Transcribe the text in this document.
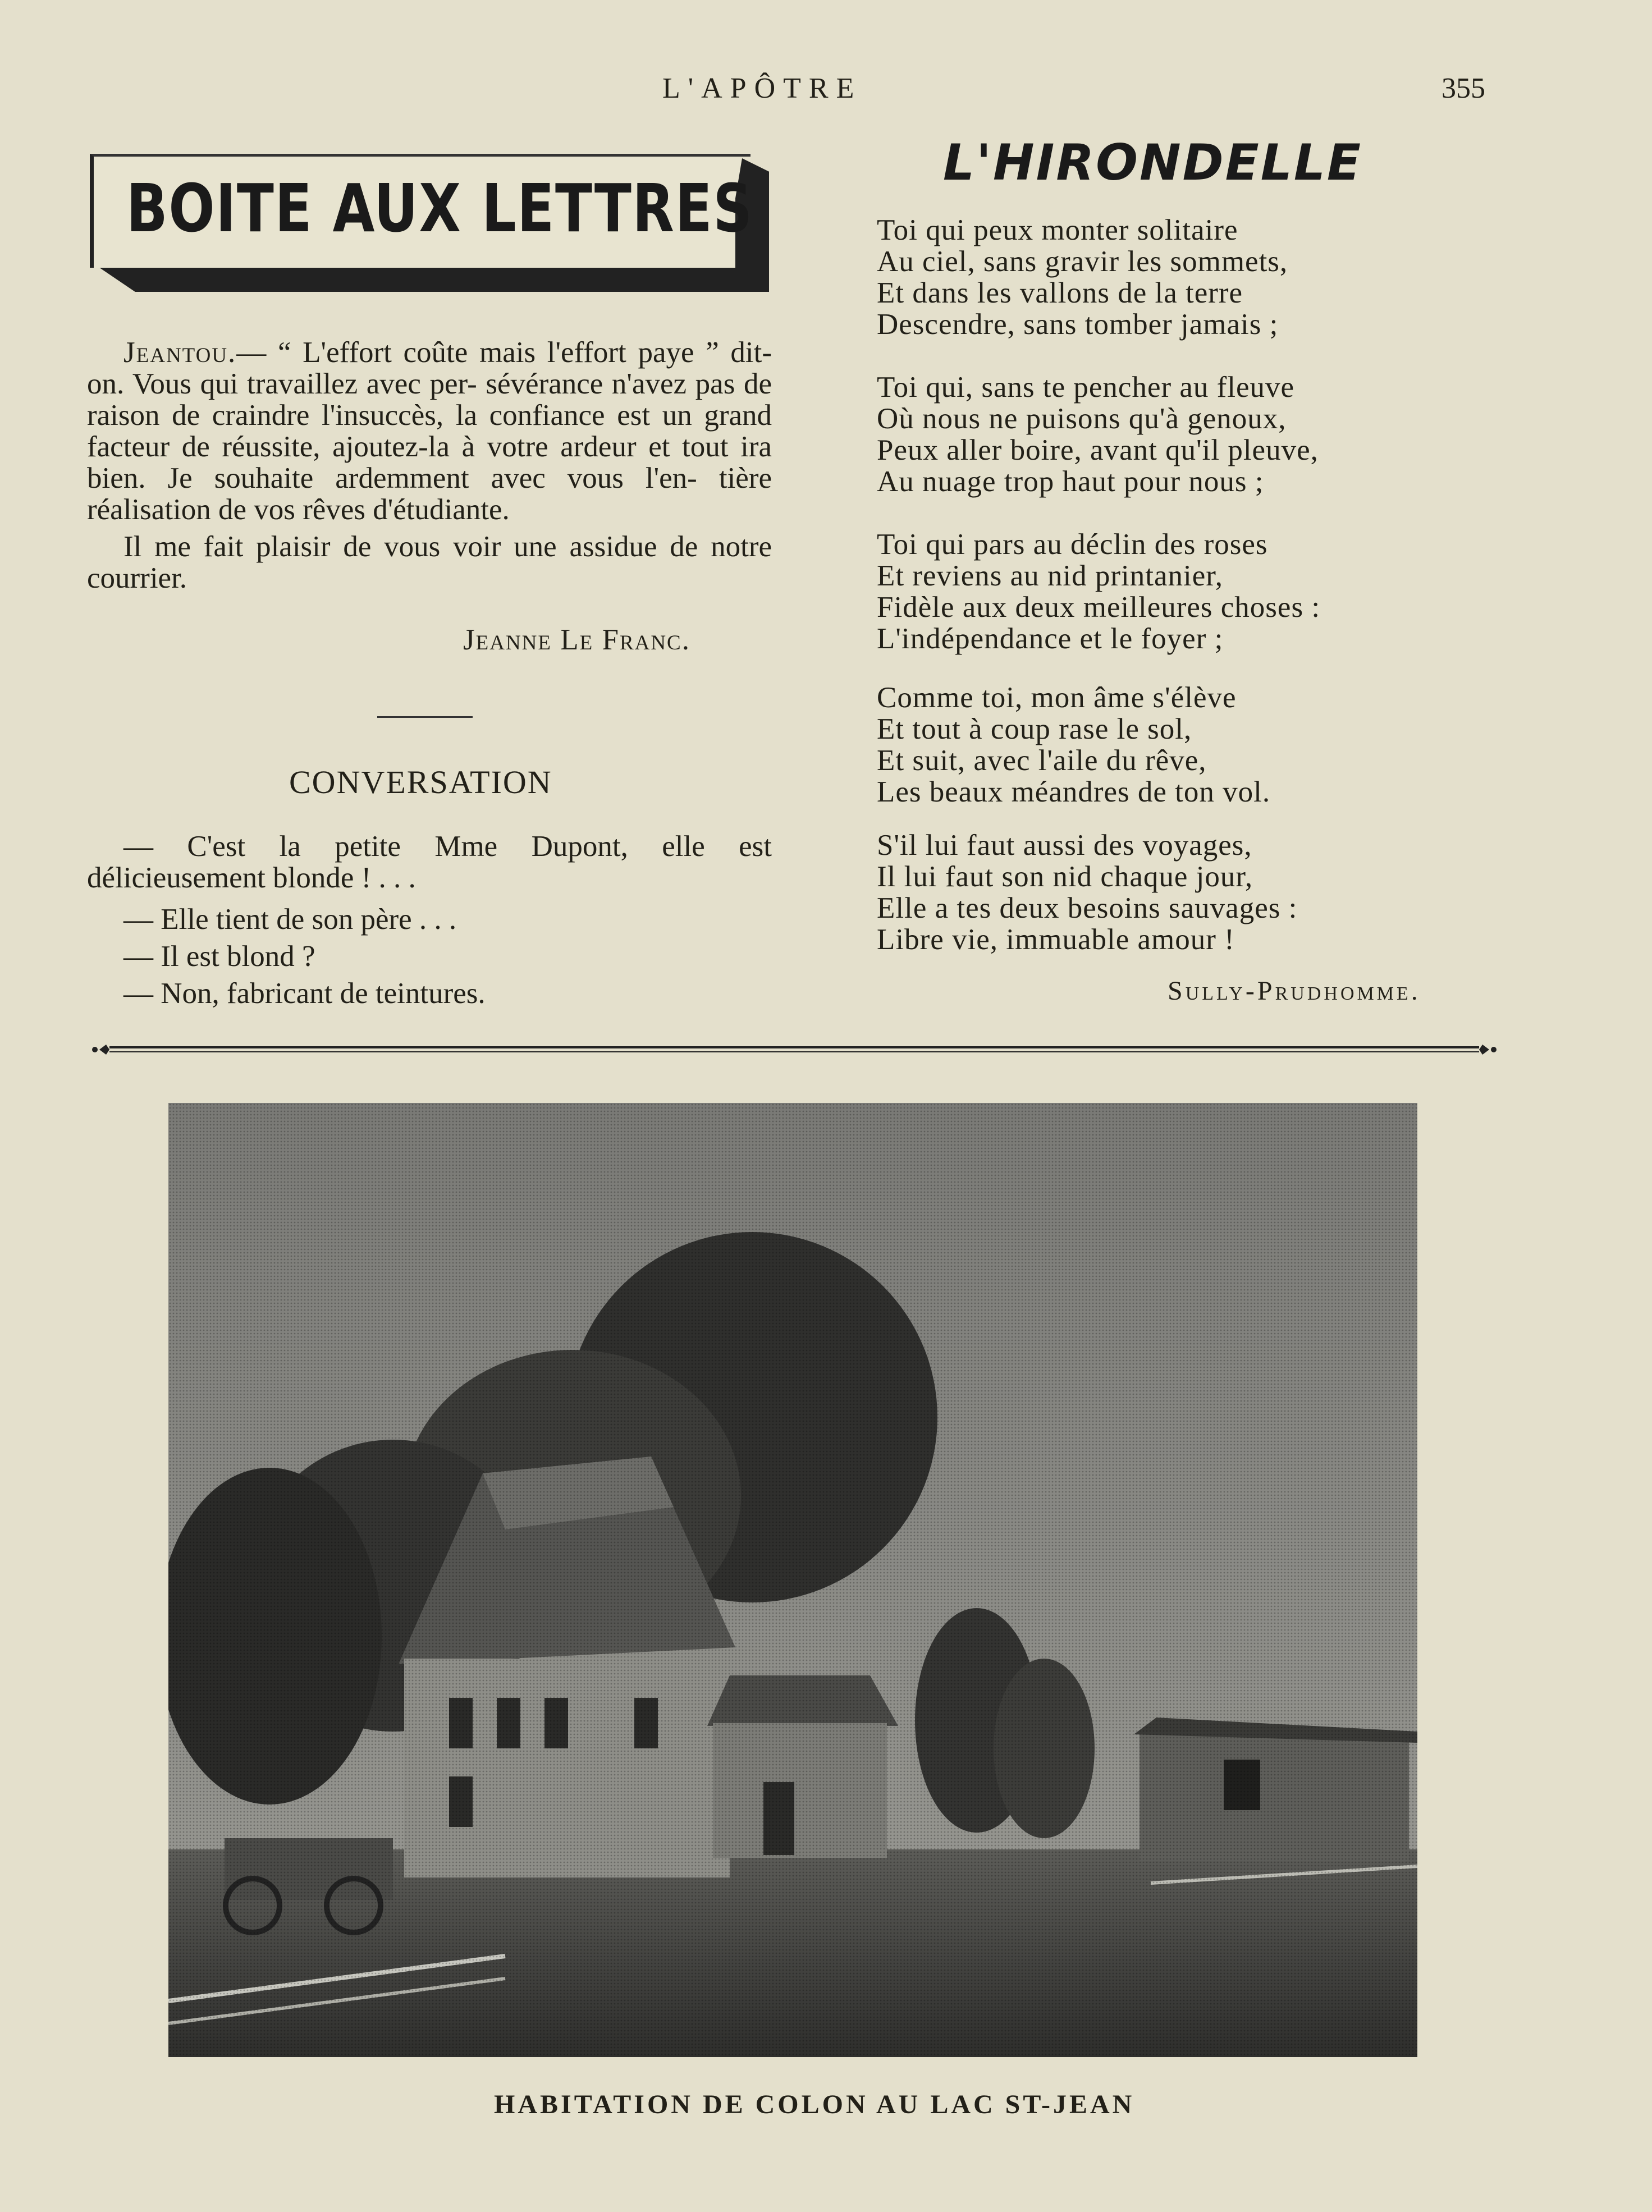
L'APÔTRE	355
BOITE AUX LETTRES

Jeantou.— “ L'effort coûte mais l'effort paye ” dit-on. Vous qui travaillez avec per- sévérance n'avez pas de raison de craindre l'insuccès, la confiance est un grand facteur de réussite, ajoutez-la à votre ardeur et tout ira bien. Je souhaite ardemment avec vous l'en- tière réalisation de vos rêves d'étudiante.

Il me fait plaisir de vous voir une assidue de notre courrier.

Jeanne Le Franc.
CONVERSATION

— C'est la petite Mme Dupont, elle est délicieusement blonde ! . . .

— Elle tient de son père . . .
— Il est blond ?
— Non, fabricant de teintures.
L'HIRONDELLE

Toi qui peux monter solitaire

Au ciel, sans gravir les sommets,

Et dans les vallons de la terre

Descendre, sans tomber jamais ;

Toi qui, sans te pencher au fleuve

Où nous ne puisons qu'à genoux,

Peux aller boire, avant qu'il pleuve,

Au nuage trop haut pour nous ;

Toi qui pars au déclin des roses

Et reviens au nid printanier,

Fidèle aux deux meilleures choses :

L'indépendance et le foyer ;

Comme toi, mon âme s'élève

Et tout à coup rase le sol,

Et suit, avec l'aile du rêve,

Les beaux méandres de ton vol.

S'il lui faut aussi des voyages,

Il lui faut son nid chaque jour,

Elle a tes deux besoins sauvages :

Libre vie, immuable amour !

Sully-Prudhomme.
HABITATION DE COLON AU LAC ST-JEAN
